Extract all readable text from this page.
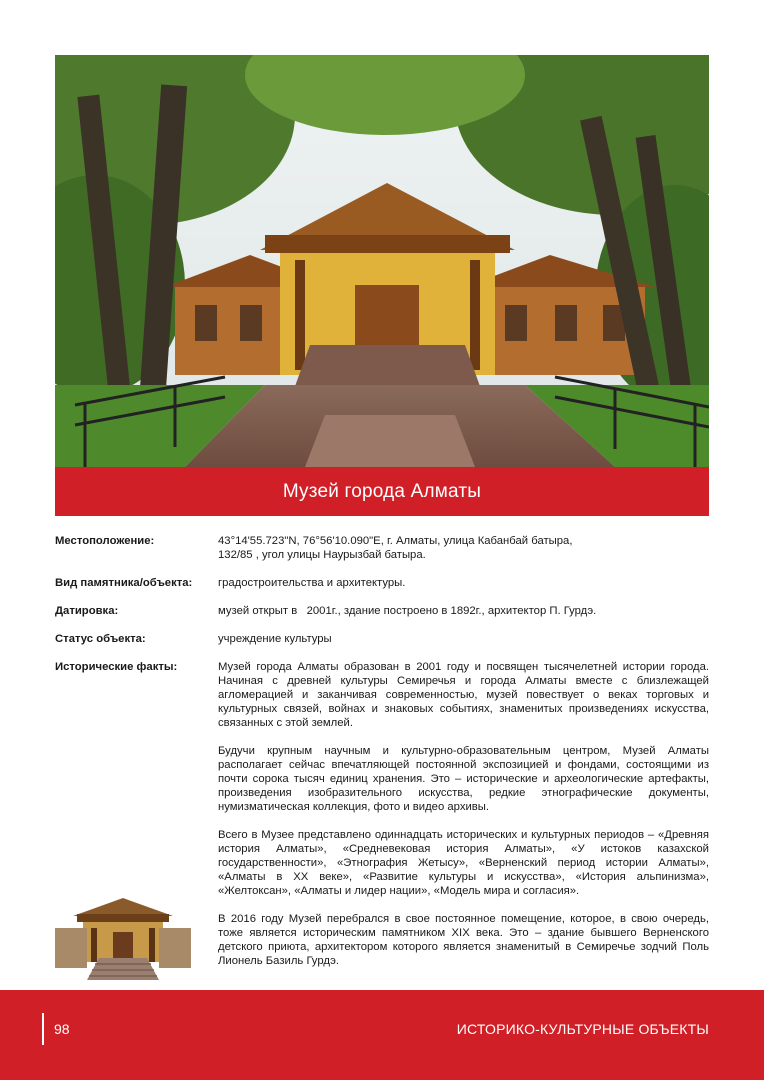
Музей города Алматы
Местоположение:	43°14'55.723"N, 76°56'10.090"E, г. Алматы, улица Кабанбай батыра,
132/85 , угол улицы Наурызбай батыра.
Вид памятника/объекта:	градостроительства и архитектуры.
Датировка:	музей открыт в   2001г., здание построено в 1892г., архитектор П. Гурдэ.
Статус объекта:	учреждение культуры
Исторические факты:	Музей города Алматы образован в 2001 году и посвящен тысячелетней истории города. Начиная с древней культуры Семиречья и города Алматы вместе с близлежащей агломерацией и заканчивая современностью, музей повествует о веках торговых и культурных связей, войнах и знаковых событиях, знаменитых произведениях искусства, связанных с этой землей.

Будучи крупным научным и культурно-образовательным центром, Музей Алматы располагает сейчас впечатляющей постоянной экспозицией и фондами, состоящими из почти сорока тысяч единиц хранения. Это – исторические и археологические артефакты, произведения изобразительного искусства, редкие этнографические документы, нумизматическая коллекция, фото и видео архивы.

Всего в Музее представлено одиннадцать исторических и культурных периодов – «Древняя история Алматы», «Средневековая история Алматы», «У истоков казахской государственности», «Этнография Жетысу», «Верненский период истории Алматы», «Алматы в XX веке», «Развитие культуры и искусства», «История альпинизма», «Желтоксан», «Алматы и лидер нации», «Модель мира и согласия».

В 2016 году Музей перебрался в свое постоянное помещение, которое, в свою очередь, тоже является историческим памятником XIX века. Это – здание бывшего Верненского детского приюта, архитектором которого является знаменитый в Семиречье зодчий Поль Лионель Базиль Гурдэ.

98	ИСТОРИКО-КУЛЬТУРНЫЕ ОБЪЕКТЫ
